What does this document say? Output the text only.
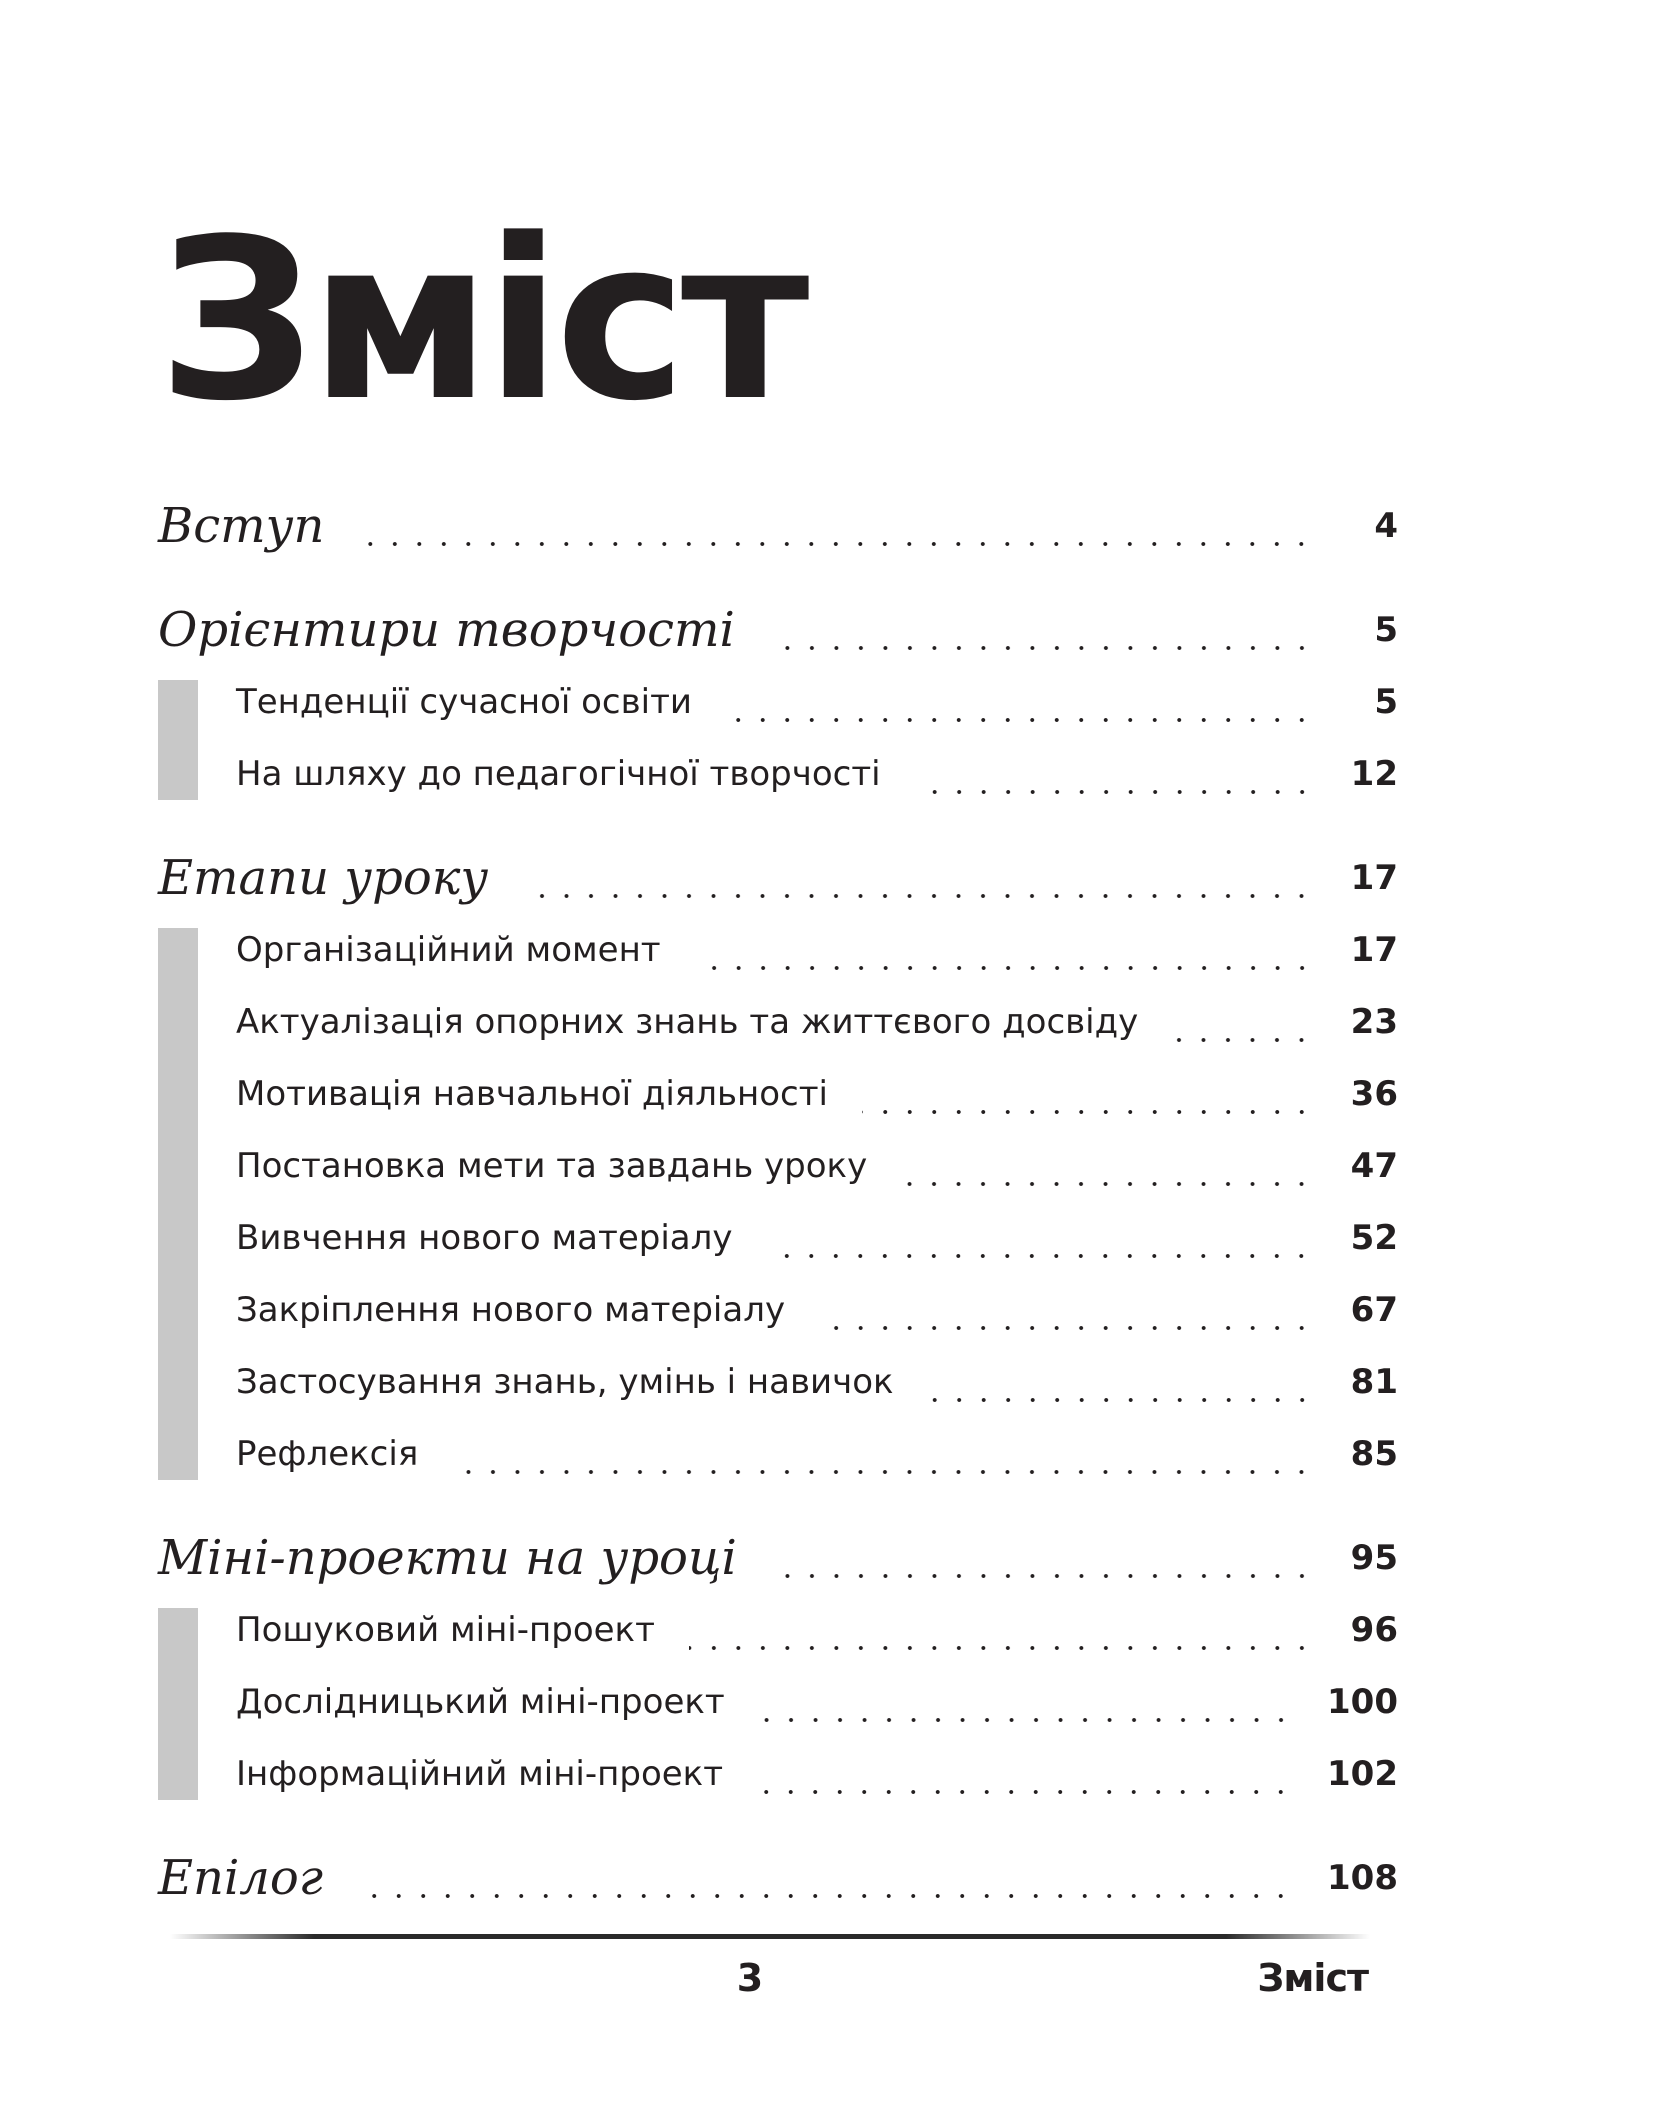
Зміст
Вступ	4
Орієнтири творчості	5
Тенденції сучасної освіти	5
На шляху до педагогічної творчості	12
Етапи уроку	17
Організаційний момент	17
Актуалізація опорних знань та життєвого досвіду	23
Мотивація навчальної діяльності	36
Постановка мети та завдань уроку	47
Вивчення нового матеріалу	52
Закріплення нового матеріалу	67
Застосування знань, умінь і навичок	81
Рефлексія	85
Міні-проекти на уроці	95
Пошуковий міні-проект	96
Дослідницький міні-проект	100
Інформаційний міні-проект	102
Епілог	108
3	Зміст
